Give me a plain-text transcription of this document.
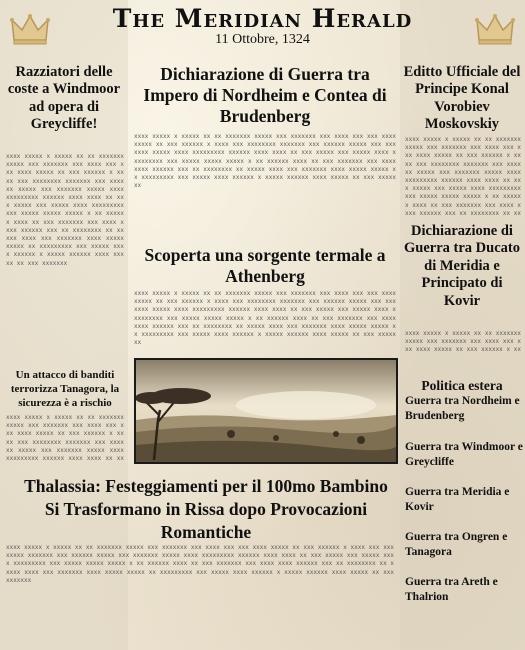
The Meridian Herald
11 Ottobre, 1324
Razziatori delle coste a Windmoor ad opera di Greycliffe!
xxxx xxxxx x xxxxx xx xx xxxxxxx xxxxx xxx xxxxxxx xxx xxxx xxx xxx xxxx xxxxx xx xxx xxxxxx x xxxx xxx xxxxxxxx xxxxxxx xxx xxxxxx xxxxx xxx xxxxxxx xxxxx xxxx xxxxxxxxx xxxxxx xxxx xxxx xx xxx xxxxx xxx xxxxx xxxx xxxxxxxxx xxx xxxxx xxxxx xxxxx x xx xxxxxx xxxx xx xxx xxxxxxx xxx xxxx xxxx xxxxxx xxx xx xxxxxxxx xx xxxxx xxxx xxx xxxxxxx xxxx xxxxx xxxxx xx xxxxxxxxx xxx xxxxx xxxx xxxxxx x xxxxx xxxxxx xxxx xxxxx xx xxx xxxxxxx
Un attacco di banditi terrorizza Tanagora, la sicurezza è a rischio
xxxx xxxxx x xxxxx xx xx xxxxxxx xxxxx xxx xxxxxxx xxx xxxx xxx xxx xxxx xxxxx xx xxx xxxxxx x xxxx xxx xxxxxxxx xxxxxxx xxx xxxxxx xxxxx xxx xxxxxxx xxxxx xxxx xxxxxxxxx xxxxxx xxxx xxxx xx xx
Dichiarazione di Guerra tra Impero di Nordheim e Contea di Brudenberg
xxxx xxxxx x xxxxx xx xx xxxxxxx xxxxx xxx xxxxxxx xxx xxxx xxx xxx xxxx xxxxx xx xxx xxxxxx x xxxx xxx xxxxxxxx xxxxxxx xxx xxxxxx xxxxx xxx xxxxxxx xxxxx xxxx xxxxxxxxx xxxxxx xxxx xxxx xx xxx xxxxx xxx xxxxx xxxx xxxxxxxxx xxx xxxxx xxxxx xxxxx x xx xxxxxx xxxx xx xxx xxxxxxx xxx xxxx xxxx xxxxxx xxx xx xxxxxxxx xx xxxxx xxxx xxx xxxxxxx xxxx xxxxx xxxxx xx xxxxxxxxx xxx xxxxx xxxx xxxxxx x xxxxx xxxxxx xxxx xxxxx xx xxx xxxxxxx
Scoperta una sorgente termale a Athenberg
xxxx xxxxx x xxxxx xx xx xxxxxxx xxxxx xxx xxxxxxx xxx xxxx xxx xxx xxxx xxxxx xx xxx xxxxxx x xxxx xxx xxxxxxxx xxxxxxx xxx xxxxxx xxxxx xxx xxxxxxx xxxxx xxxx xxxxxxxxx xxxxxx xxxx xxxx xx xxx xxxxx xxx xxxxx xxxx xxxxxxxxx xxx xxxxx xxxxx xxxxx x xx xxxxxx xxxx xx xxx xxxxxxx xxx xxxx xxxx xxxxxx xxx xx xxxxxxxx xx xxxxx xxxx xxx xxxxxxx xxxx xxxxx xxxxx xx xxxxxxxxx xxx xxxxx xxxx xxxxxx x xxxxx xxxxxx xxxx xxxxx xx xxx xxxxxxx
Thalassia: Festeggiamenti per il 100mo Bambino Si Trasformano in Rissa dopo Provocazioni Romantiche
xxxx xxxxx x xxxxx xx xx xxxxxxx xxxxx xxx xxxxxxx xxx xxxx xxx xxx xxxx xxxxx xx xxx xxxxxx x xxxx xxx xxxxxxxx xxxxxxx xxx xxxxxx xxxxx xxx xxxxxxx xxxxx xxxx xxxxxxxxx xxxxxx xxxx xxxx xx xxx xxxxx xxx xxxxx xxxx xxxxxxxxx xxx xxxxx xxxxx xxxxx x xx xxxxxx xxxx xx xxx xxxxxxx xxx xxxx xxxx xxxxxx xxx xx xxxxxxxx xx xxxxx xxxx xxx xxxxxxx xxxx xxxxx xxxxx xx xxxxxxxxx xxx xxxxx xxxx xxxxxx x xxxxx xxxxxx xxxx xxxxx xx xxx xxxxxxx
Editto Ufficiale del Principe Konal Vorobiev Moskovskiy
xxxx xxxxx x xxxxx xx xx xxxxxxx xxxxx xxx xxxxxxx xxx xxxx xxx xxx xxxx xxxxx xx xxx xxxxxx x xxxx xxx xxxxxxxx xxxxxxx xxx xxxxxx xxxxx xxx xxxxxxx xxxxx xxxx xxxxxxxxx xxxxxx xxxx xxxx xx xxx xxxxx xxx xxxxx xxxx xxxxxxxxx xxx xxxxx xxxxx xxxxx x xx xxxxxx xxxx xx xxx xxxxxxx xxx xxxx xxxx xxxxxx xxx xx xxxxxxxx xx xx
Dichiarazione di Guerra tra Ducato di Meridia e Principato di Kovir
xxxx xxxxx x xxxxx xx xx xxxxxxx xxxxx xxx xxxxxxx xxx xxxx xxx xxx xxxx xxxxx xx xxx xxxxxx x xx
Politica estera
Guerra tra Nordheim e Brudenberg
Guerra tra Windmoor e Greycliffe
Guerra tra Meridia e Kovir
Guerra tra Ongren e Tanagora
Guerra tra Areth e Thalrion
